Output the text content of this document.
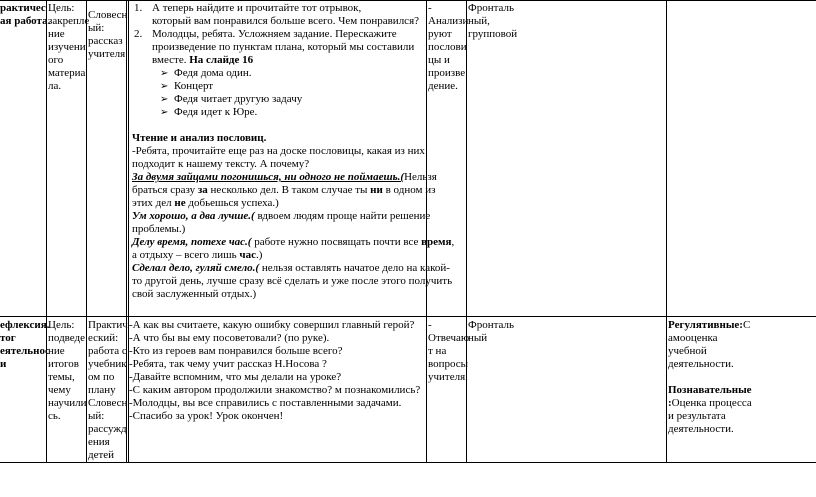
рактичес
ая работа.
Цель:
закрепле
ние
изучени
ого
материа
ла.
Словесн
ый:
рассказ
учителя
1. А теперь найдите и прочитайте тот отрывок,
который вам понравился больше всего. Чем понравился?
2. Молодцы, ребята. Усложняем задание. Перескажите
произведение по пунктам плана, который мы составили
вместе. На слайде 16
➢ Федя дома один.
➢ Концерт
➢ Федя читает другую задачу
➢ Федя идет к Юре.
Чтение и анализ пословиц.
-Ребята, прочитайте еще раз на доске пословицы, какая из них
подходит к нашему тексту. А почему?
За двумя зайцами погонишься, ни одного не поймаешь.(Нельзя
браться сразу за несколько дел. В таком случае ты ни в одном из
этих дел не добьешься успеха.)
Ум хорошо, а два лучше.( вдвоем людям проще найти решение
проблемы.)
Делу время, потехе час.( работе нужно посвящать почти все время,
а отдыху – всего лишь час.)
Сделал дело, гуляй смело.( нельзя оставлять начатое дело на какой-
то другой день, лучше сразу всё сделать и уже после этого получить
свой заслуженный отдых.)
-
Анализи
руют
послови
цы и
произве
дение.
Фронталь
ный,
групповой
ефлексия.
тог
еятельнос
и
Цель:
подведе
ние
итогов
темы,
чему
научили
сь.
Практич
еский:
работа с
учебник
ом по
плану
Словесн
ый:
рассужд
ения
детей
-А как вы считаете, какую ошибку совершил главный герой?
-А что бы вы ему посоветовали? (по руке).
-Кто из героев вам понравился больше всего?
-Ребята, так чему учит рассказ Н.Носова ?
-Давайте вспомним, что мы делали на уроке?
-С каким автором продолжили знакомство? м познакомились?
-Молодцы, вы все справились с поставленными задачами.
-Спасибо за урок! Урок окончен!
-
Отвечаю
т на
вопросы
учителя.
Фронталь
ный
Регулятивные:С
амооценка
учебной
деятельности.
Познавательные
:Оценка процесса
и результата
деятельности.
